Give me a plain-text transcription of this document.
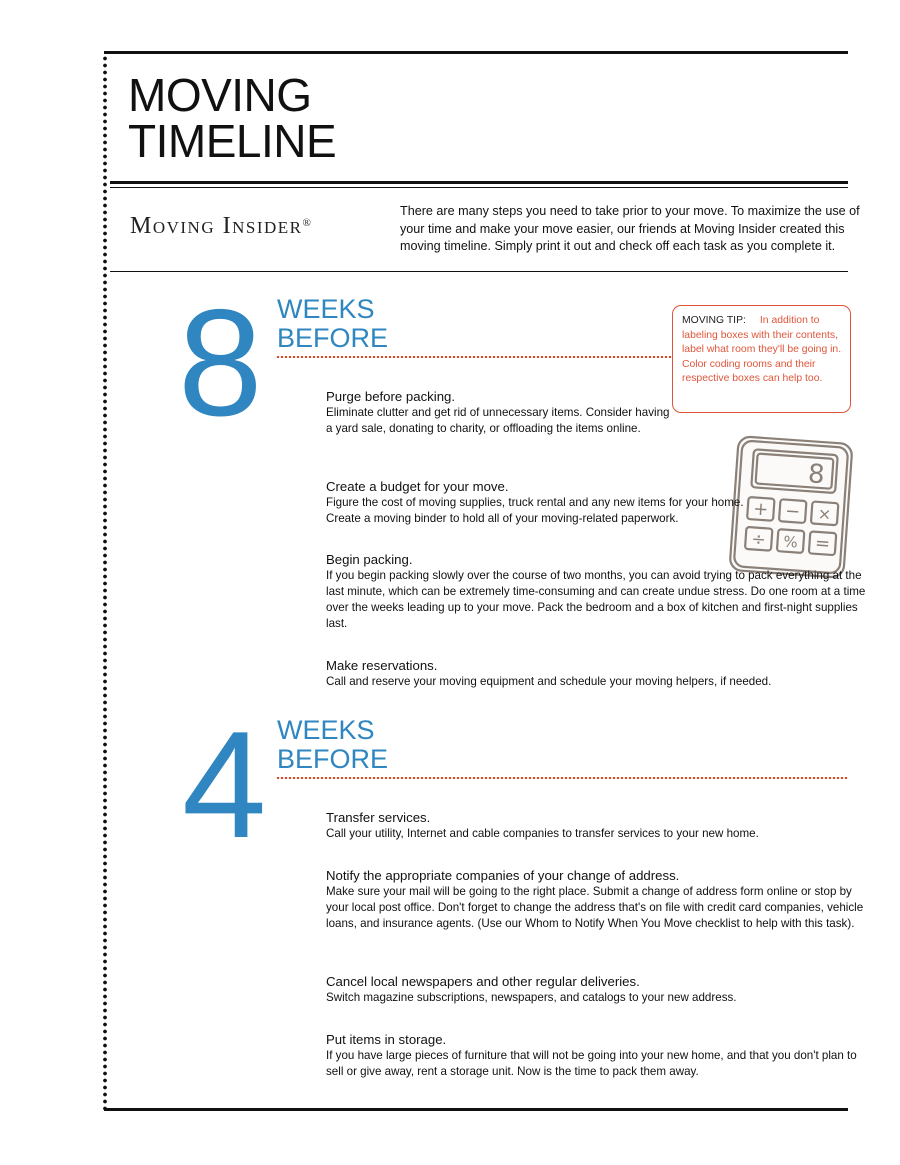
MOVING
TIMELINE
Moving Insider®
There are many steps you need to take prior to your move. To maximize the use of your time and make your move easier, our friends at Moving Insider created this moving timeline. Simply print it out and check off each task as you complete it.
MOVING TIP: In addition to labeling boxes with their contents, label what room they'll be going in. Color coding rooms and their respective boxes can help too.
8
+ − ×
÷ % =
8 WEEKS
BEFORE
Purge before packing.
Eliminate clutter and get rid of unnecessary items. Consider having a yard sale, donating to charity, or offloading the items online.
Create a budget for your move.
Figure the cost of moving supplies, truck rental and any new items for your home. Create a moving binder to hold all of your moving-related paperwork.
Begin packing.
If you begin packing slowly over the course of two months, you can avoid trying to pack everything at the last minute, which can be extremely time-consuming and can create undue stress. Do one room at a time over the weeks leading up to your move. Pack the bedroom and a box of kitchen and first-night supplies last.
Make reservations.
Call and reserve your moving equipment and schedule your moving helpers, if needed.
4 WEEKS
BEFORE
Transfer services.
Call your utility, Internet and cable companies to transfer services to your new home.
Notify the appropriate companies of your change of address.
Make sure your mail will be going to the right place. Submit a change of address form online or stop by your local post office. Don't forget to change the address that's on file with credit card companies, vehicle loans, and insurance agents. (Use our Whom to Notify When You Move checklist to help with this task).
Cancel local newspapers and other regular deliveries.
Switch magazine subscriptions, newspapers, and catalogs to your new address.
Put items in storage.
If you have large pieces of furniture that will not be going into your new home, and that you don't plan to sell or give away, rent a storage unit. Now is the time to pack them away.
